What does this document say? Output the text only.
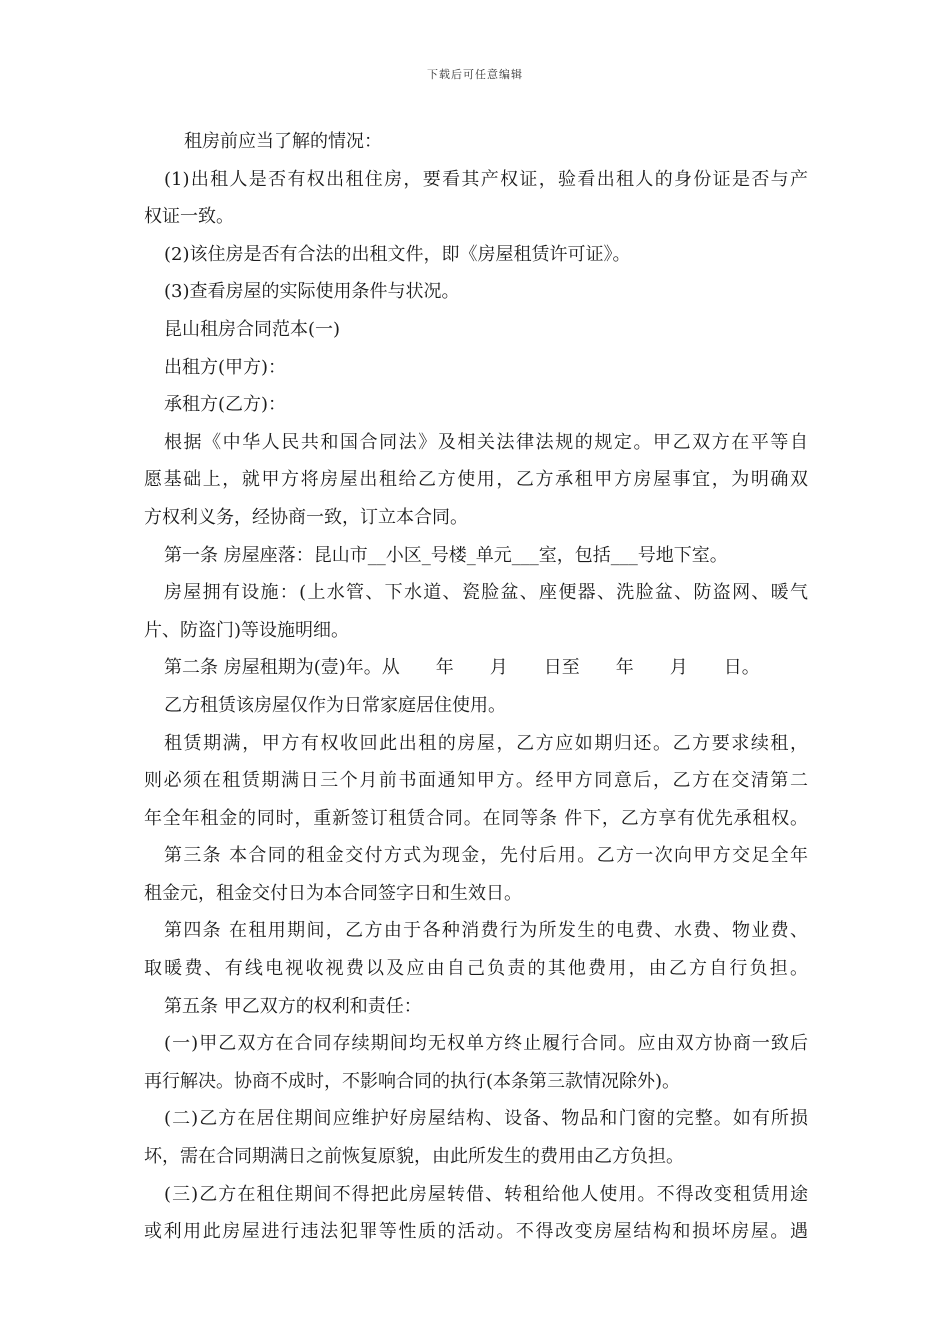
下载后可任意编辑
租房前应当了解的情况：
(1)出租人是否有权出租住房，要看其产权证，验看出租人的身份证是否与产
权证一致。
(2)该住房是否有合法的出租文件，即《房屋租赁许可证》。
(3)查看房屋的实际使用条件与状况。
昆山租房合同范本(一)
出租方(甲方)：
承租方(乙方)：
根据《中华人民共和国合同法》及相关法律法规的规定。甲乙双方在平等自
愿基础上，就甲方将房屋出租给乙方使用，乙方承租甲方房屋事宜，为明确双
方权利义务，经协商一致，订立本合同。
第一条 房屋座落：昆山市__小区_号楼_单元___室，包括___号地下室。
房屋拥有设施：(上水管、下水道、瓷脸盆、座便器、洗脸盆、防盗网、暖气
片、防盗门)等设施明细。
第二条 房屋租期为(壹)年。从　　年　　月　　日至　　年　　月　　日。
乙方租赁该房屋仅作为日常家庭居住使用。
租赁期满，甲方有权收回此出租的房屋，乙方应如期归还。乙方要求续租，
则必须在租赁期满日三个月前书面通知甲方。经甲方同意后，乙方在交清第二
年全年租金的同时，重新签订租赁合同。在同等条 件下，乙方享有优先承租权。
第三条 本合同的租金交付方式为现金，先付后用。乙方一次向甲方交足全年
租金元，租金交付日为本合同签字日和生效日。
第四条 在租用期间，乙方由于各种消费行为所发生的电费、水费、物业费、
取暖费、有线电视收视费以及应由自己负责的其他费用，由乙方自行负担。
第五条 甲乙双方的权利和责任：
(一)甲乙双方在合同存续期间均无权单方终止履行合同。应由双方协商一致后
再行解决。协商不成时，不影响合同的执行(本条第三款情况除外)。
(二)乙方在居住期间应维护好房屋结构、设备、物品和门窗的完整。如有所损
坏，需在合同期满日之前恢复原貌，由此所发生的费用由乙方负担。
(三)乙方在租住期间不得把此房屋转借、转租给他人使用。不得改变租赁用途
或利用此房屋进行违法犯罪等性质的活动。不得改变房屋结构和损坏房屋。遇
